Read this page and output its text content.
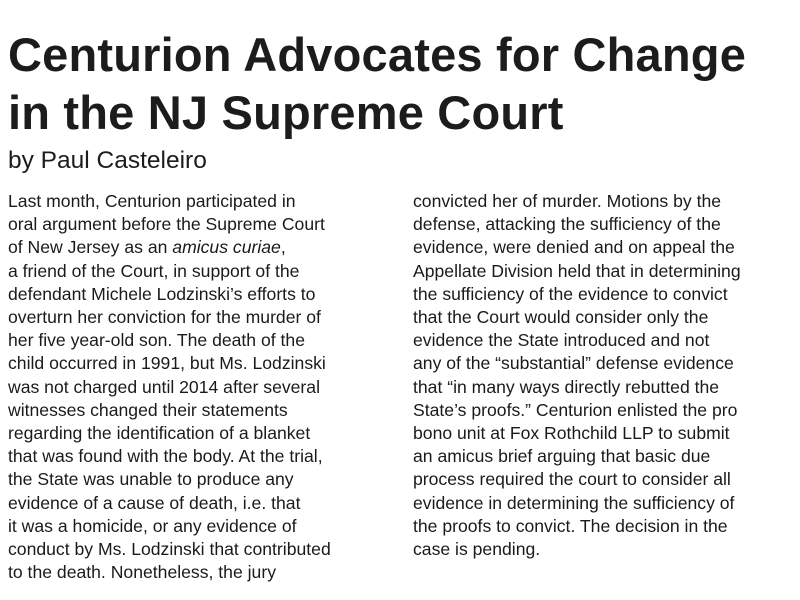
Centurion Advocates for Change
in the NJ Supreme Court

by Paul Casteleiro

Last month, Centurion participated in
oral argument before the Supreme Court
of New Jersey as an amicus curiae,
a friend of the Court, in support of the
defendant Michele Lodzinski’s efforts to
overturn her conviction for the murder of
her five year-old son. The death of the
child occurred in 1991, but Ms. Lodzinski
was not charged until 2014 after several
witnesses changed their statements
regarding the identification of a blanket
that was found with the body. At the trial,
the State was unable to produce any
evidence of a cause of death, i.e. that
it was a homicide, or any evidence of
conduct by Ms. Lodzinski that contributed
to the death. Nonetheless, the jury
convicted her of murder. Motions by the
defense, attacking the sufficiency of the
evidence, were denied and on appeal the
Appellate Division held that in determining
the sufficiency of the evidence to convict
that the Court would consider only the
evidence the State introduced and not
any of the “substantial” defense evidence
that “in many ways directly rebutted the
State’s proofs.” Centurion enlisted the pro
bono unit at Fox Rothchild LLP to submit
an amicus brief arguing that basic due
process required the court to consider all
evidence in determining the sufficiency of
the proofs to convict. The decision in the
case is pending.
